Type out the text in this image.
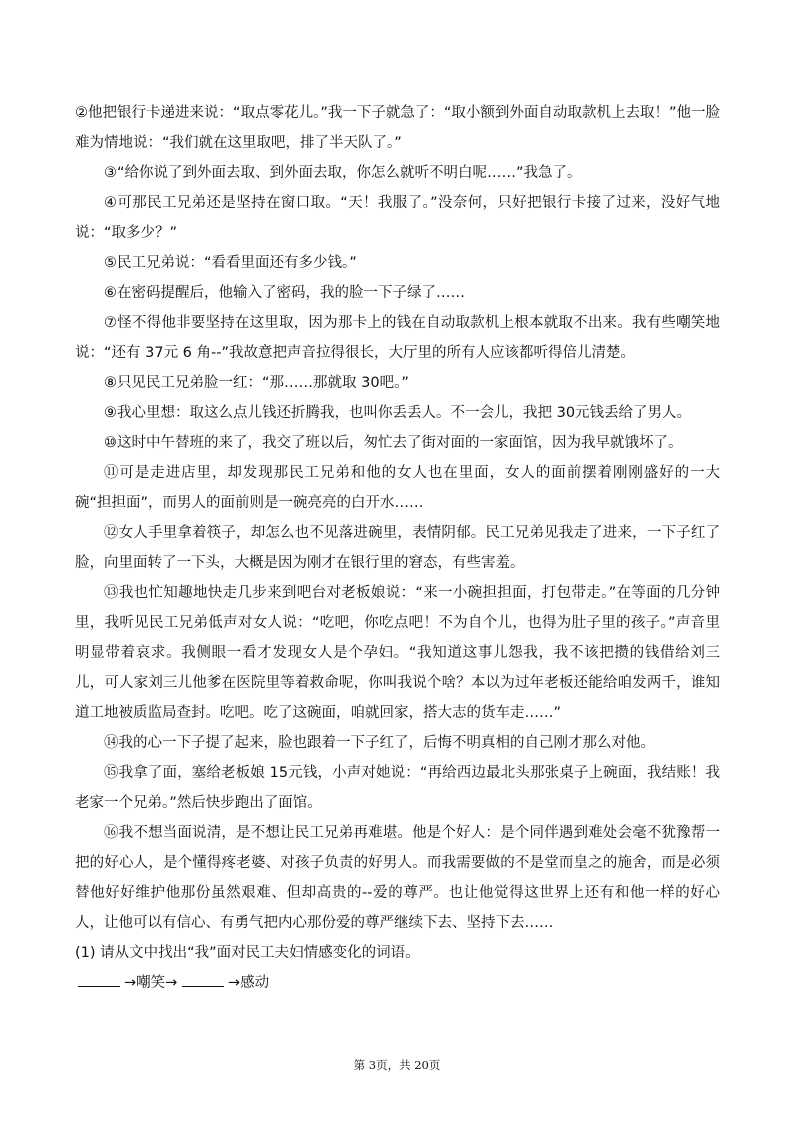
②他把银行卡递进来说：“取点零花儿。”我一下子就急了：“取小额到外面自动取款机上去取！”他一脸难为情地说：“我们就在这里取吧，排了半天队了。”

③“给你说了到外面去取、到外面去取，你怎么就听不明白呢……”我急了。

④可那民工兄弟还是坚持在窗口取。“天！我服了。”没奈何，只好把银行卡接了过来，没好气地说：“取多少？”

⑤民工兄弟说：“看看里面还有多少钱。”

⑥在密码提醒后，他输入了密码，我的脸一下子绿了……

⑦怪不得他非要坚持在这里取，因为那卡上的钱在自动取款机上根本就取不出来。我有些嘲笑地说：“还有 37元 6 角--”我故意把声音拉得很长，大厅里的所有人应该都听得倍儿清楚。

⑧只见民工兄弟脸一红：“那……那就取 30吧。”

⑨我心里想：取这么点儿钱还折腾我，也叫你丢丢人。不一会儿，我把 30元钱丢给了男人。

⑩这时中午替班的来了，我交了班以后，匆忙去了街对面的一家面馆，因为我早就饿坏了。

⑪可是走进店里，却发现那民工兄弟和他的女人也在里面，女人的面前摆着刚刚盛好的一大碗“担担面”，而男人的面前则是一碗亮亮的白开水……

⑫女人手里拿着筷子，却怎么也不见落进碗里，表情阴郁。民工兄弟见我走了进来，一下子红了脸，向里面转了一下头，大概是因为刚才在银行里的窘态，有些害羞。

⑬我也忙知趣地快走几步来到吧台对老板娘说：“来一小碗担担面，打包带走。”在等面的几分钟里，我听见民工兄弟低声对女人说：“吃吧，你吃点吧！不为自个儿，也得为肚子里的孩子。”声音里明显带着哀求。我侧眼一看才发现女人是个孕妇。“我知道这事儿怨我，我不该把攒的钱借给刘三儿，可人家刘三儿他爹在医院里等着救命呢，你叫我说个啥？本以为过年老板还能给咱发两千，谁知道工地被质监局查封。吃吧。吃了这碗面，咱就回家，搭大志的货车走……”

⑭我的心一下子提了起来，脸也跟着一下子红了，后悔不明真相的自己刚才那么对他。

⑮我拿了面，塞给老板娘 15元钱，小声对她说：“再给西边最北头那张桌子上碗面，我结账！我老家一个兄弟。”然后快步跑出了面馆。

⑯我不想当面说清，是不想让民工兄弟再难堪。他是个好人：是个同伴遇到难处会毫不犹豫帮一把的好心人，是个懂得疼老婆、对孩子负责的好男人。而我需要做的不是堂而皇之的施舍，而是必须替他好好维护他那份虽然艰难、但却高贵的--爱的尊严。也让他觉得这世界上还有和他一样的好心人，让他可以有信心、有勇气把内心那份爱的尊严继续下去、坚持下去……

(1) 请从文中找出“我”面对民工夫妇情感变化的词语。

→嘲笑→	→感动

第 3页，共 20页
